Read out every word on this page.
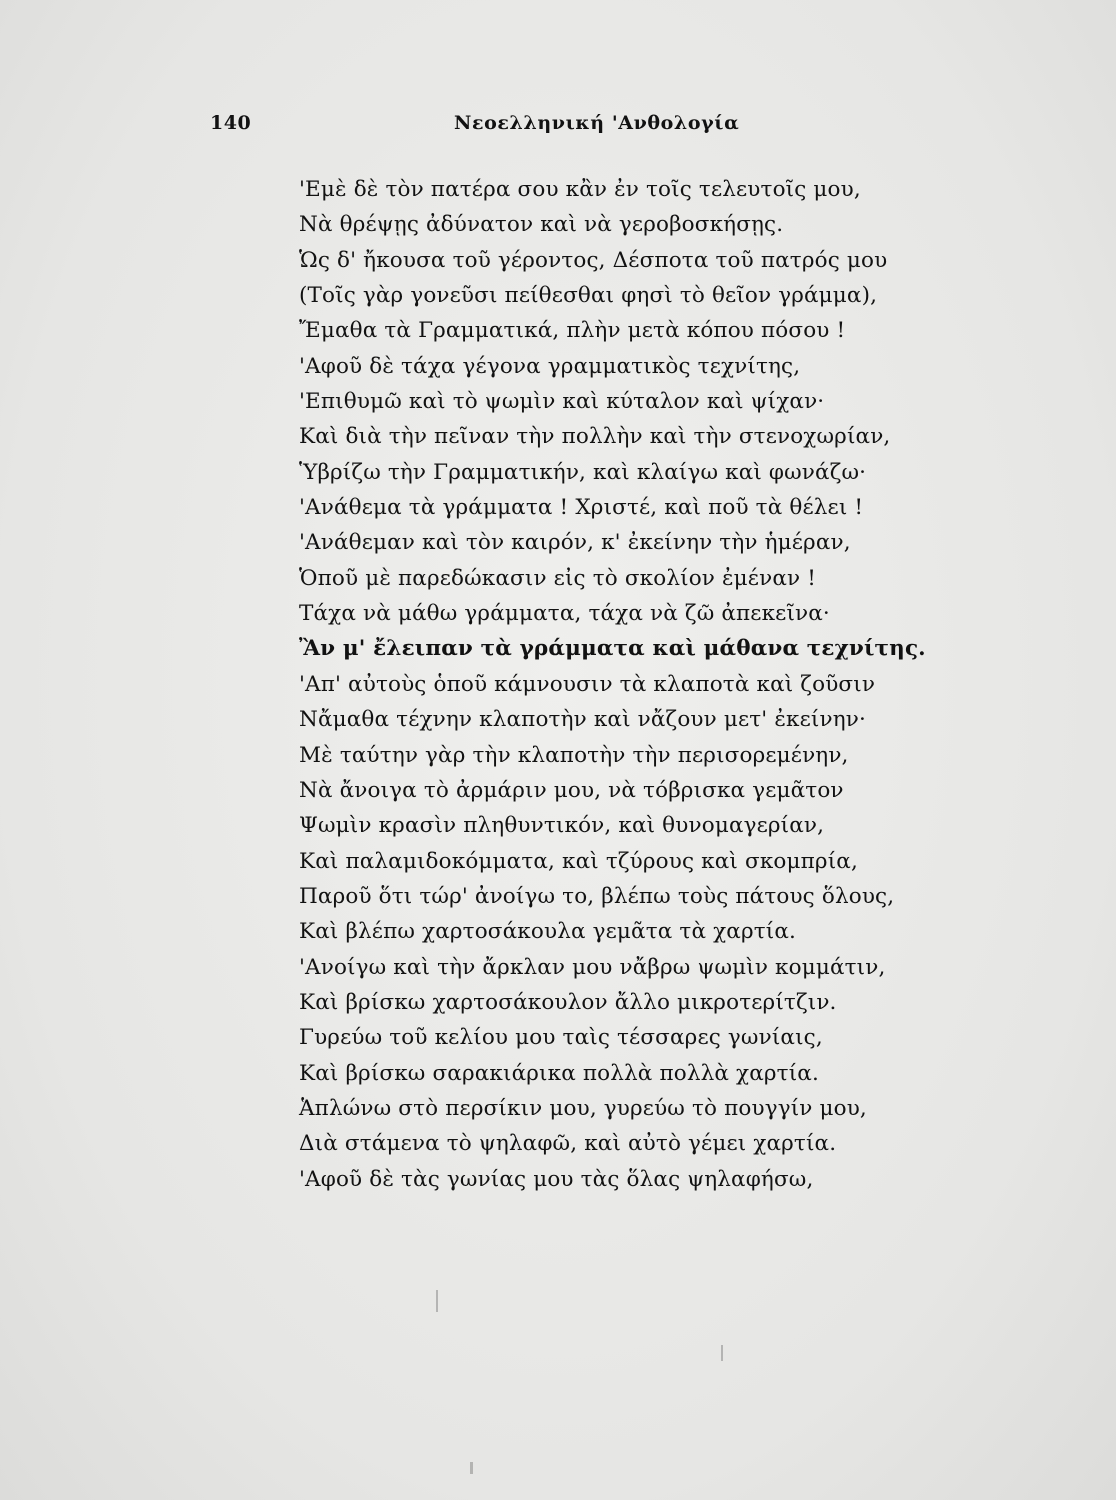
140	Νεοελληνική 'Ανθολογία
'Εμὲ δὲ τὸν πατέρα σου κἂν ἐν τοῖς τελευτοῖς μου,
Νὰ θρέψῃς ἀδύνατον καὶ νὰ γεροβοσκήσῃς.
Ὡς δ' ἤκουσα τοῦ γέροντος, Δέσποτα τοῦ πατρός μου
(Τοῖς γὰρ γονεῦσι πείθεσθαι φησὶ τὸ θεῖον γράμμα),
Ἔμαθα τὰ Γραμματικά, πλὴν μετὰ κόπου πόσου !
'Αφοῦ δὲ τάχα γέγονα γραμματικὸς τεχνίτης,
'Επιθυμῶ καὶ τὸ ψωμὶν καὶ κύταλον καὶ ψίχαν·
Καὶ διὰ τὴν πεῖναν τὴν πολλὴν καὶ τὴν στενοχωρίαν,
Ὑβρίζω τὴν Γραμματικήν, καὶ κλαίγω καὶ φωνάζω·
'Ανάθεμα τὰ γράμματα ! Χριστέ, καὶ ποῦ τὰ θέλει !
'Ανάθεμαν καὶ τὸν καιρόν, κ' ἐκείνην τὴν ἡμέραν,
Ὁποῦ μὲ παρεδώκασιν εἰς τὸ σκολίον ἐμέναν !
Τάχα νὰ μάθω γράμματα, τάχα νὰ ζῶ ἀπεκεῖνα·
Ἂν μ' ἔλειπαν τὰ γράμματα καὶ μάθανα τεχνίτης.
'Απ' αὐτοὺς ὁποῦ κάμνουσιν τὰ κλαποτὰ καὶ ζοῦσιν
Νἄμαθα τέχνην κλαποτὴν καὶ νἄζουν μετ' ἐκείνην·
Μὲ ταύτην γὰρ τὴν κλαποτὴν τὴν περισορεμένην,
Νὰ ἄνοιγα τὸ ἀρμάριν μου, νὰ τόβρισκα γεμᾶτον
Ψωμὶν κρασὶν πληθυντικόν, καὶ θυνομαγερίαν,
Καὶ παλαμιδοκόμματα, καὶ τζύρους καὶ σκομπρία,
Παροῦ ὅτι τώρ' ἀνοίγω το, βλέπω τοὺς πάτους ὅλους,
Καὶ βλέπω χαρτοσάκουλα γεμᾶτα τὰ χαρτία.
'Ανοίγω καὶ τὴν ἄρκλαν μου νἄβρω ψωμὶν κομμάτιν,
Καὶ βρίσκω χαρτοσάκουλον ἄλλο μικροτερίτζιν.
Γυρεύω τοῦ κελίου μου ταὶς τέσσαρες γωνίαις,
Καὶ βρίσκω σαρακιάρικα πολλὰ πολλὰ χαρτία.
Ἁπλώνω στὸ περσίκιν μου, γυρεύω τὸ πουγγίν μου,
Διὰ στάμενα τὸ ψηλαφῶ, καὶ αὐτὸ γέμει χαρτία.
'Αφοῦ δὲ τὰς γωνίας μου τὰς ὅλας ψηλαφήσω,
